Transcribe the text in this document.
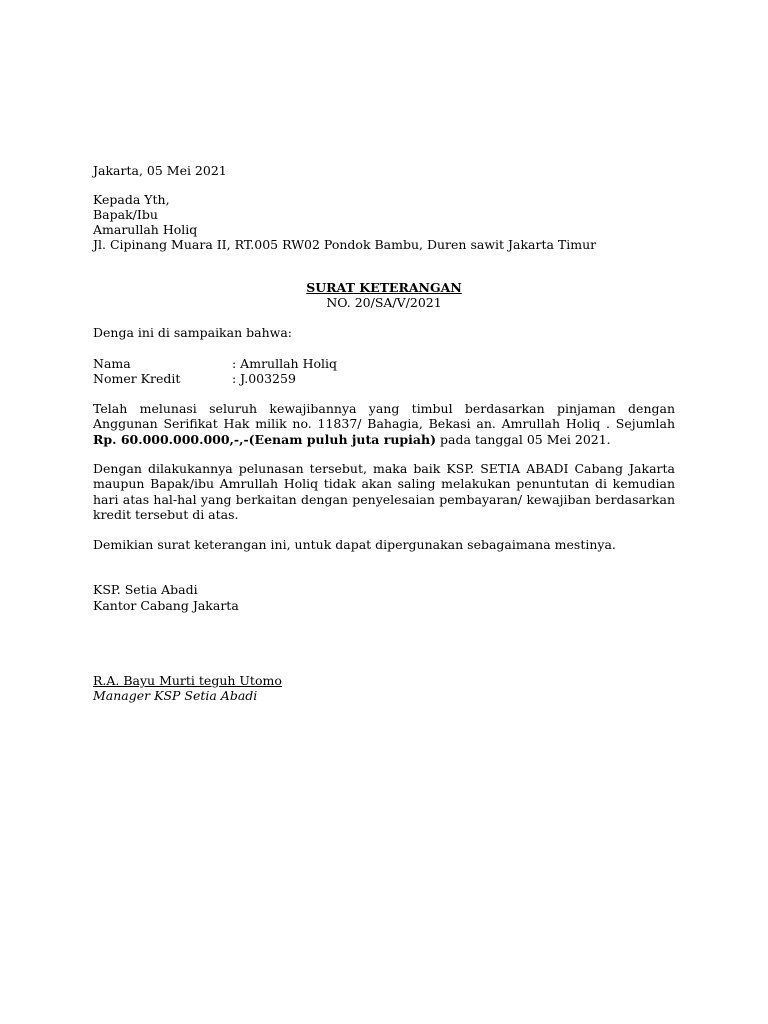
Jakarta, 05 Mei 2021
Kepada Yth,
Bapak/Ibu
Amarullah Holiq
Jl. Cipinang Muara II, RT.005 RW02 Pondok Bambu, Duren sawit Jakarta Timur
SURAT KETERANGAN
NO. 20/SA/V/2021
Denga ini di sampaikan bahwa:
Nama	: Amrullah Holiq
Nomer Kredit	: J.003259
Telah melunasi seluruh kewajibannya yang timbul berdasarkan pinjaman dengan Anggunan Serifikat Hak milik no. 11837/ Bahagia, Bekasi an. Amrullah Holiq . Sejumlah Rp. 60.000.000.000,-,-(Eenam puluh juta rupiah) pada tanggal 05 Mei 2021.
Dengan dilakukannya pelunasan tersebut, maka baik KSP. SETIA ABADI Cabang Jakarta maupun Bapak/ibu Amrullah Holiq tidak akan saling melakukan penuntutan di kemudian hari atas hal-hal yang berkaitan dengan penyelesaian pembayaran/ kewajiban berdasarkan kredit tersebut di atas.
Demikian surat keterangan ini, untuk dapat dipergunakan sebagaimana mestinya.
KSP. Setia Abadi
Kantor Cabang Jakarta
R.A. Bayu Murti teguh Utomo
Manager KSP Setia Abadi
